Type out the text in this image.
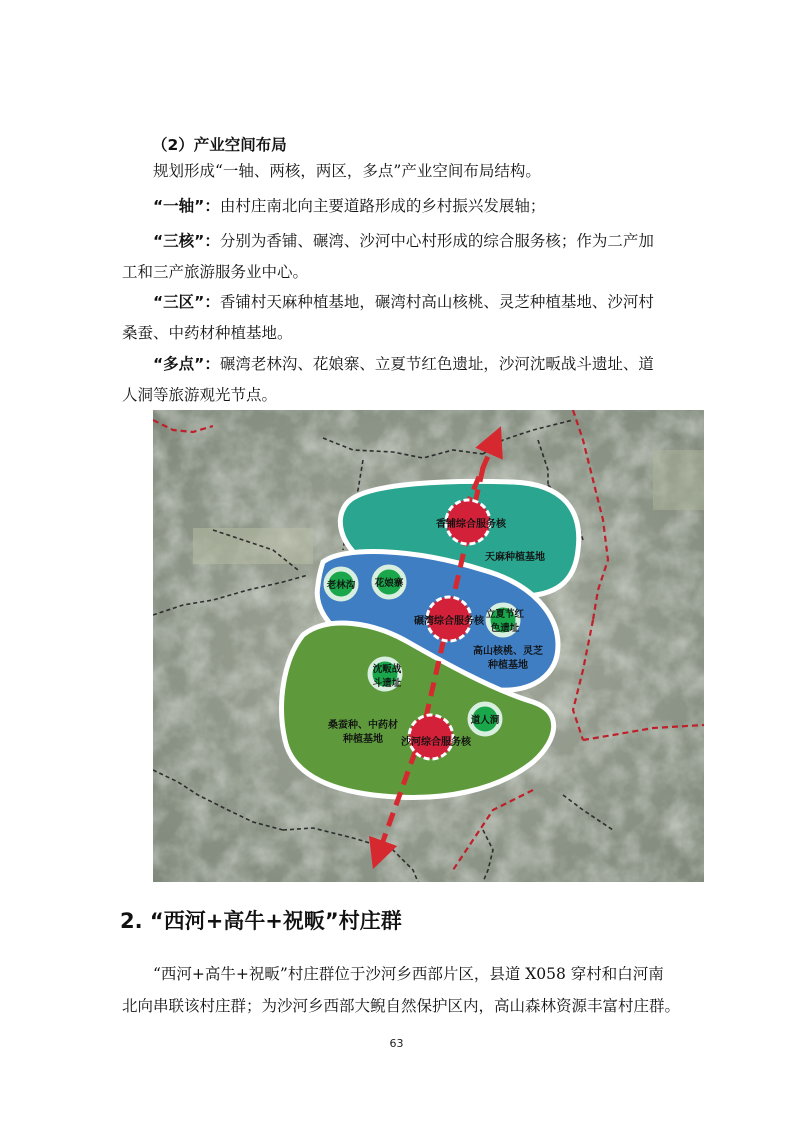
（2）产业空间布局

规划形成“一轴、两核，两区，多点”产业空间布局结构。

“一轴”：由村庄南北向主要道路形成的乡村振兴发展轴；

“三核”：分别为香铺、碾湾、沙河中心村形成的综合服务核；作为二产加

工和三产旅游服务业中心。

“三区”：香铺村天麻种植基地，碾湾村高山核桃、灵芝种植基地、沙河村

桑蚕、中药材种植基地。

“多点”：碾湾老林沟、花娘寨、立夏节红色遗址，沙河沈畈战斗遗址、道

人洞等旅游观光节点。

香铺综合服务核
天麻种植基地
老林沟 花娘寨
碾湾综合服务核
立夏节红
色遗址
高山核桃、灵芝
种植基地
沈畈战
斗遗址
桑蚕种、中药材
种植基地
道人洞
沙河综合服务核

2. “西河+高牛+祝畈”村庄群

“西河+高牛+祝畈”村庄群位于沙河乡西部片区，县道 X058 穿村和白河南

北向串联该村庄群；为沙河乡西部大鲵自然保护区内，高山森林资源丰富村庄群。

63
